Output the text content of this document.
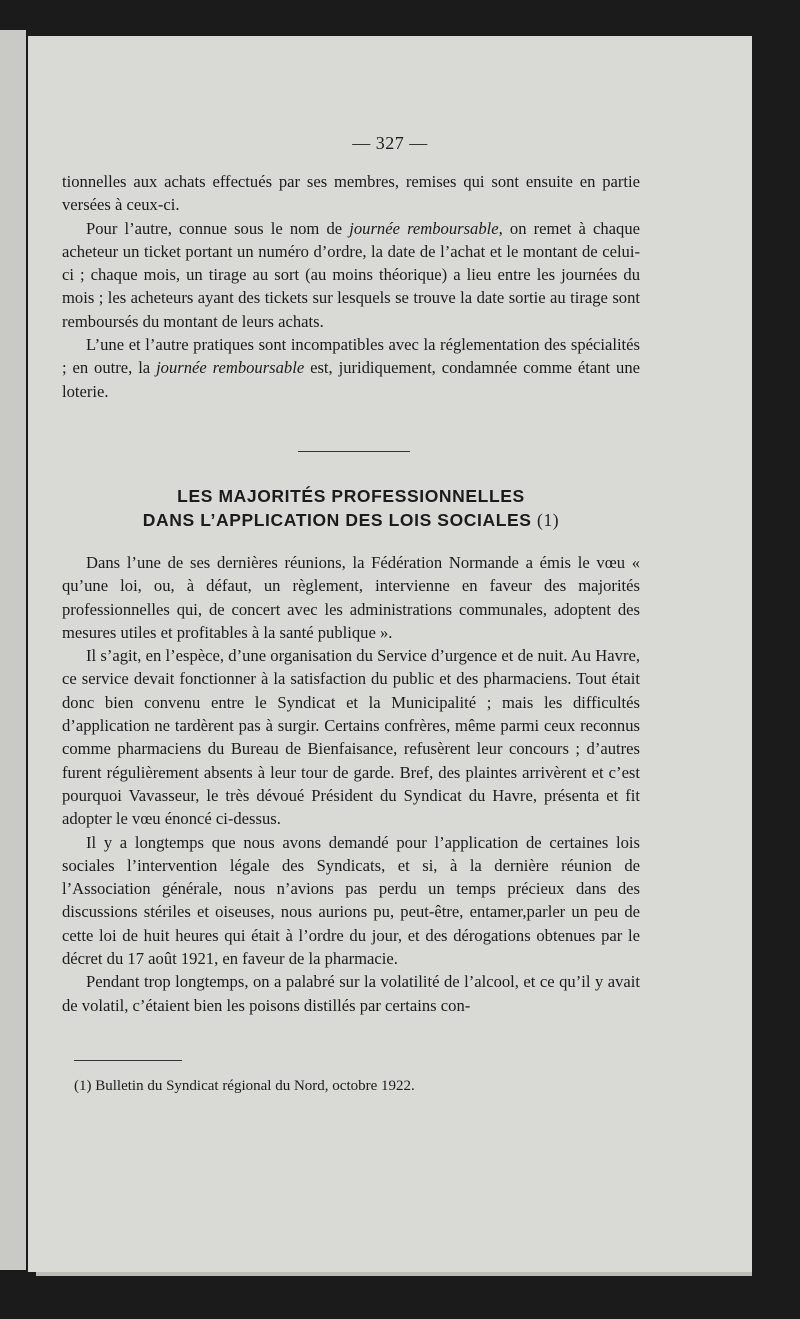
— 327 —

tionnelles aux achats effectués par ses membres, remises qui sont ensuite en partie versées à ceux-ci.

Pour l’autre, connue sous le nom de journée remboursable, on remet à chaque acheteur un ticket portant un numéro d’ordre, la date de l’achat et le montant de celui-ci ; chaque mois, un tirage au sort (au moins théorique) a lieu entre les journées du mois ; les acheteurs ayant des tickets sur lesquels se trouve la date sortie au tirage sont remboursés du montant de leurs achats.

L’une et l’autre pratiques sont incompatibles avec la réglementation des spécialités ; en outre, la journée remboursable est, juridiquement, condamnée comme étant une loterie.

LES MAJORITÉS PROFESSIONNELLES
DANS L’APPLICATION DES LOIS SOCIALES (1)

Dans l’une de ses dernières réunions, la Fédération Normande a émis le vœu « qu’une loi, ou, à défaut, un règlement, intervienne en faveur des majorités professionnelles qui, de concert avec les administrations communales, adoptent des mesures utiles et profitables à la santé publique ».

Il s’agit, en l’espèce, d’une organisation du Service d’urgence et de nuit. Au Havre, ce service devait fonctionner à la satisfaction du public et des pharmaciens. Tout était donc bien convenu entre le Syndicat et la Municipalité ; mais les difficultés d’application ne tardèrent pas à surgir. Certains confrères, même parmi ceux reconnus comme pharmaciens du Bureau de Bienfaisance, refusèrent leur concours ; d’autres furent régulièrement absents à leur tour de garde. Bref, des plaintes arrivèrent et c’est pourquoi Vavasseur, le très dévoué Président du Syndicat du Havre, présenta et fit adopter le vœu énoncé ci-dessus.

Il y a longtemps que nous avons demandé pour l’application de certaines lois sociales l’intervention légale des Syndicats, et si, à la dernière réunion de l’Association générale, nous n’avions pas perdu un temps précieux dans des discussions stériles et oiseuses, nous aurions pu, peut-être, entamer,parler un peu de cette loi de huit heures qui était à l’ordre du jour, et des dérogations obtenues par le décret du 17 août 1921, en faveur de la pharmacie.

Pendant trop longtemps, on a palabré sur la volatilité de l’alcool, et ce qu’il y avait de volatil, c’étaient bien les poisons distillés par certains con-

(1) Bulletin du Syndicat régional du Nord, octobre 1922.
